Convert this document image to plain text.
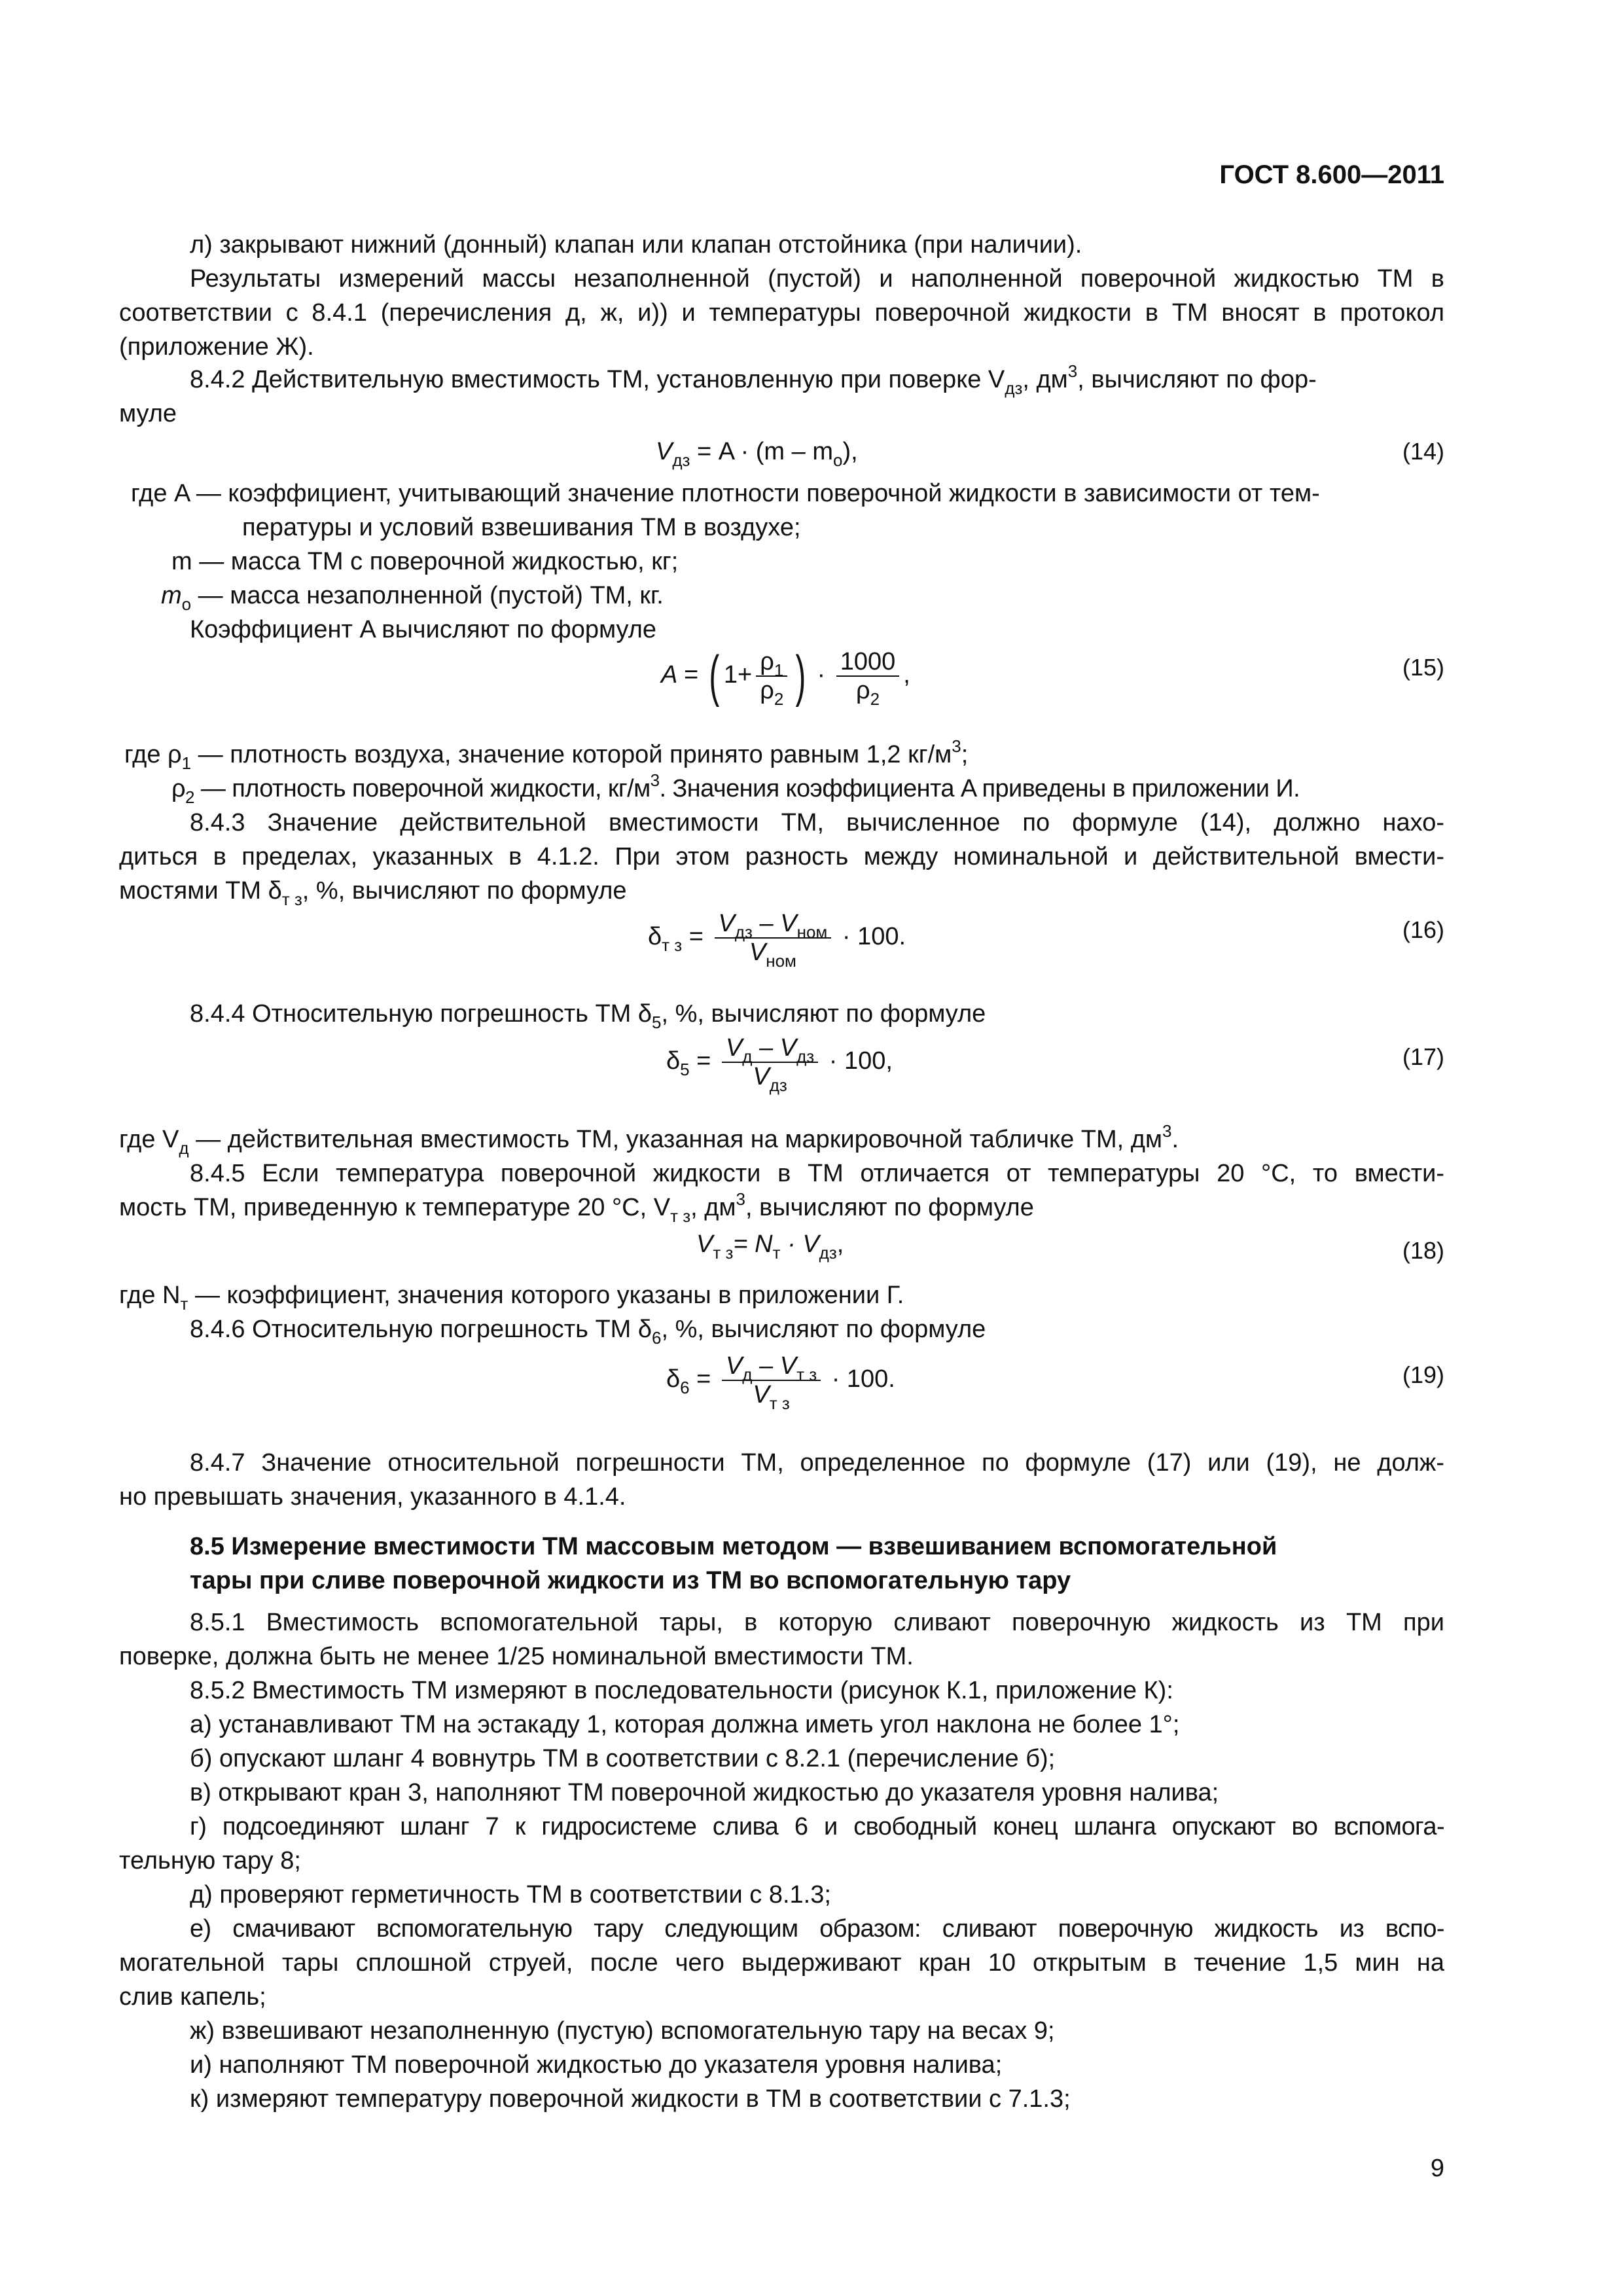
ГОСТ 8.600—2011
л) закрывают нижний (донный) клапан или клапан отстойника (при наличии).
Результаты измерений массы незаполненной (пустой) и наполненной поверочной жидкостью ТМ в
соответствии с 8.4.1 (перечисления д, ж, и)) и температуры поверочной жидкости в ТМ вносят в протокол
(приложение Ж).
8.4.2 Действительную вместимость ТМ, установленную при поверке $V_{дз}$, $дм^3$, вычисляют по фор-
муле
$V_{дз} = A \cdot (m - m_о)$,	(14)
где A — коэффициент, учитывающий значение плотности поверочной жидкости в зависимости от тем-
пературы и условий взвешивания ТМ в воздухе;
m — масса ТМ с поверочной жидкостью, кг;
$m_о$ — масса незаполненной (пустой) ТМ, кг.
Коэффициент A вычисляют по формуле
A = ( $1+ \frac{\rho_1}{\rho_2}$ ) · $\frac{1000}{\rho_2}$ ,	(15)
где $\rho_1$ — плотность воздуха, значение которой принято равным 1,2 $кг/м^3$;
$\rho_2$ — плотность поверочной жидкости, $кг/м^3$. Значения коэффициента A приведены в приложении И.
8.4.3 Значение действительной вместимости ТМ, вычисленное по формуле (14), должно нахо-
диться в пределах, указанных в 4.1.2. При этом разность между номинальной и действительной вмести-
мостями ТМ $\delta_{т з}$, %, вычисляют по формуле
$\delta_{т з} = \frac{V_{дз} - V_{ном}}{V_{ном}} \cdot 100$.	(16)
8.4.4 Относительную погрешность ТМ $\delta_5$, %, вычисляют по формуле
$\delta_5 = \frac{V_д - V_{дз}}{V_{дз}} \cdot 100$,	(17)
где $V_д$ — действительная вместимость ТМ, указанная на маркировочной табличке ТМ, $дм^3$.
8.4.5 Если температура поверочной жидкости в ТМ отличается от температуры 20 °С, то вмести-
мость ТМ, приведенную к температуре 20 °С, $V_{т з}$, $дм^3$, вычисляют по формуле
$V_{т з}= N_т \cdot V_{дз}$,	(18)
где $N_т$ — коэффициент, значения которого указаны в приложении Г.
8.4.6 Относительную погрешность ТМ $\delta_6$, %, вычисляют по формуле
$\delta_6 = \frac{V_д - V_{т з}}{V_{т з}} \cdot 100$.	(19)
8.4.7 Значение относительной погрешности ТМ, определенное по формуле (17) или (19), не долж-
но превышать значения, указанного в 4.1.4.
8.5 Измерение вместимости ТМ массовым методом — взвешиванием вспомогательной
тары при сливе поверочной жидкости из ТМ во вспомогательную тару
8.5.1 Вместимость вспомогательной тары, в которую сливают поверочную жидкость из ТМ при
поверке, должна быть не менее 1/25 номинальной вместимости ТМ.
8.5.2 Вместимость ТМ измеряют в последовательности (рисунок К.1, приложение К):
а) устанавливают ТМ на эстакаду 1, которая должна иметь угол наклона не более 1°;
б) опускают шланг 4 вовнутрь ТМ в соответствии с 8.2.1 (перечисление б);
в) открывают кран 3, наполняют ТМ поверочной жидкостью до указателя уровня налива;
г) подсоединяют шланг 7 к гидросистеме слива 6 и свободный конец шланга опускают во вспомога-
тельную тару 8;
д) проверяют герметичность ТМ в соответствии с 8.1.3;
е) смачивают вспомогательную тару следующим образом: сливают поверочную жидкость из вспо-
могательной тары сплошной струей, после чего выдерживают кран 10 открытым в течение 1,5 мин на
слив капель;
ж) взвешивают незаполненную (пустую) вспомогательную тару на весах 9;
и) наполняют ТМ поверочной жидкостью до указателя уровня налива;
к) измеряют температуру поверочной жидкости в ТМ в соответствии с 7.1.3;
9
